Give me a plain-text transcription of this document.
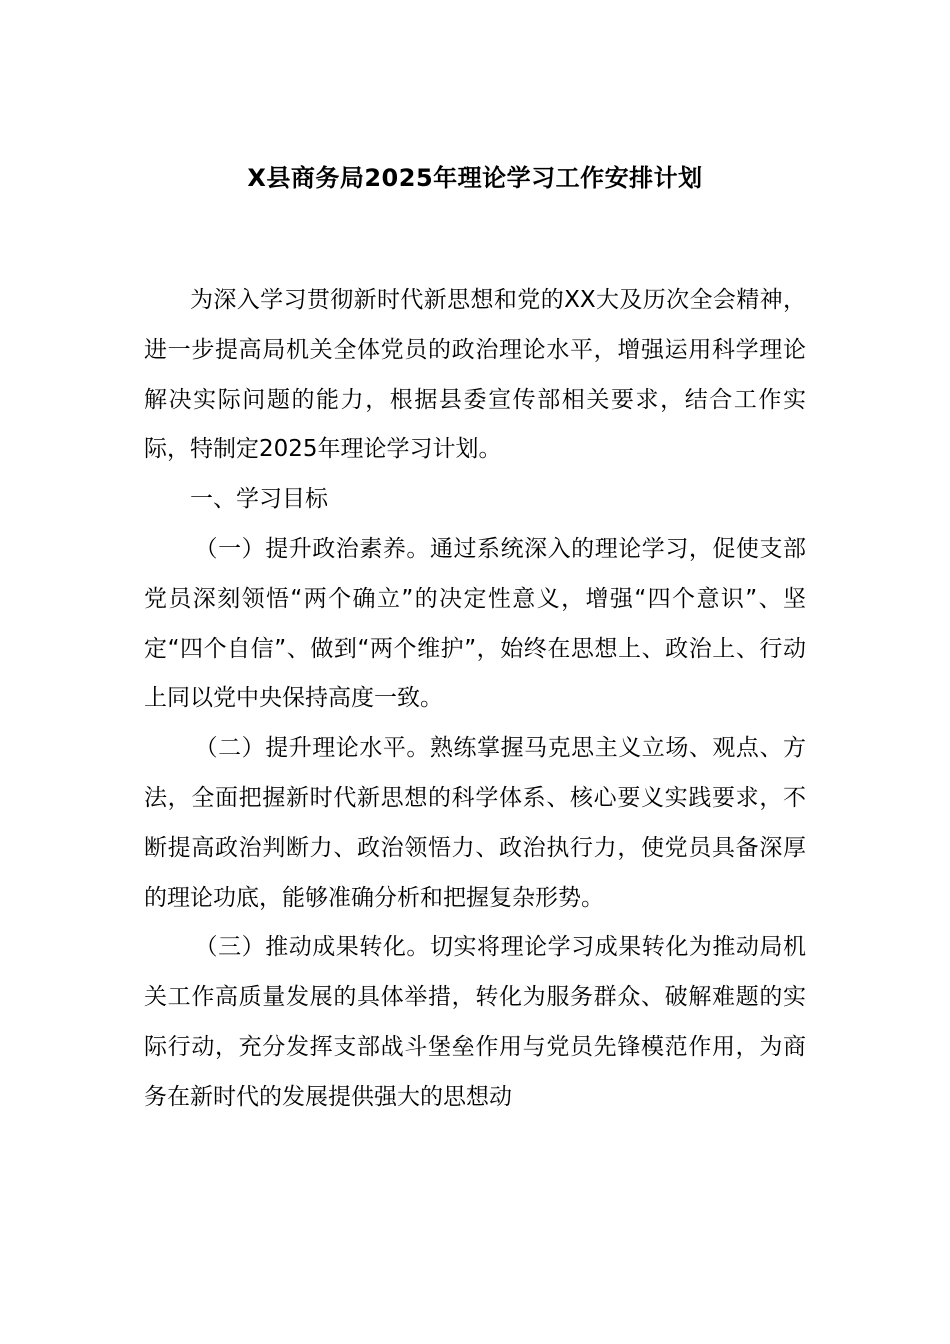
X县商务局2025年理论学习工作安排计划

为深入学习贯彻新时代新思想和党的XX大及历次全会精神，进一步提高局机关全体党员的政治理论水平，增强运用科学理论解决实际问题的能力，根据县委宣传部相关要求，结合工作实际，特制定2025年理论学习计划。

一、学习目标

（一）提升政治素养。通过系统深入的理论学习，促使支部党员深刻领悟“两个确立”的决定性意义，增强“四个意识”、坚定“四个自信”、做到“两个维护”，始终在思想上、政治上、行动上同以党中央保持高度一致。

（二）提升理论水平。熟练掌握马克思主义立场、观点、方法，全面把握新时代新思想的科学体系、核心要义实践要求，不断提高政治判断力、政治领悟力、政治执行力，使党员具备深厚的理论功底，能够准确分析和把握复杂形势。

（三）推动成果转化。切实将理论学习成果转化为推动局机关工作高质量发展的具体举措，转化为服务群众、破解难题的实际行动，充分发挥支部战斗堡垒作用与党员先锋模范作用，为商务在新时代的发展提供强大的思想动
